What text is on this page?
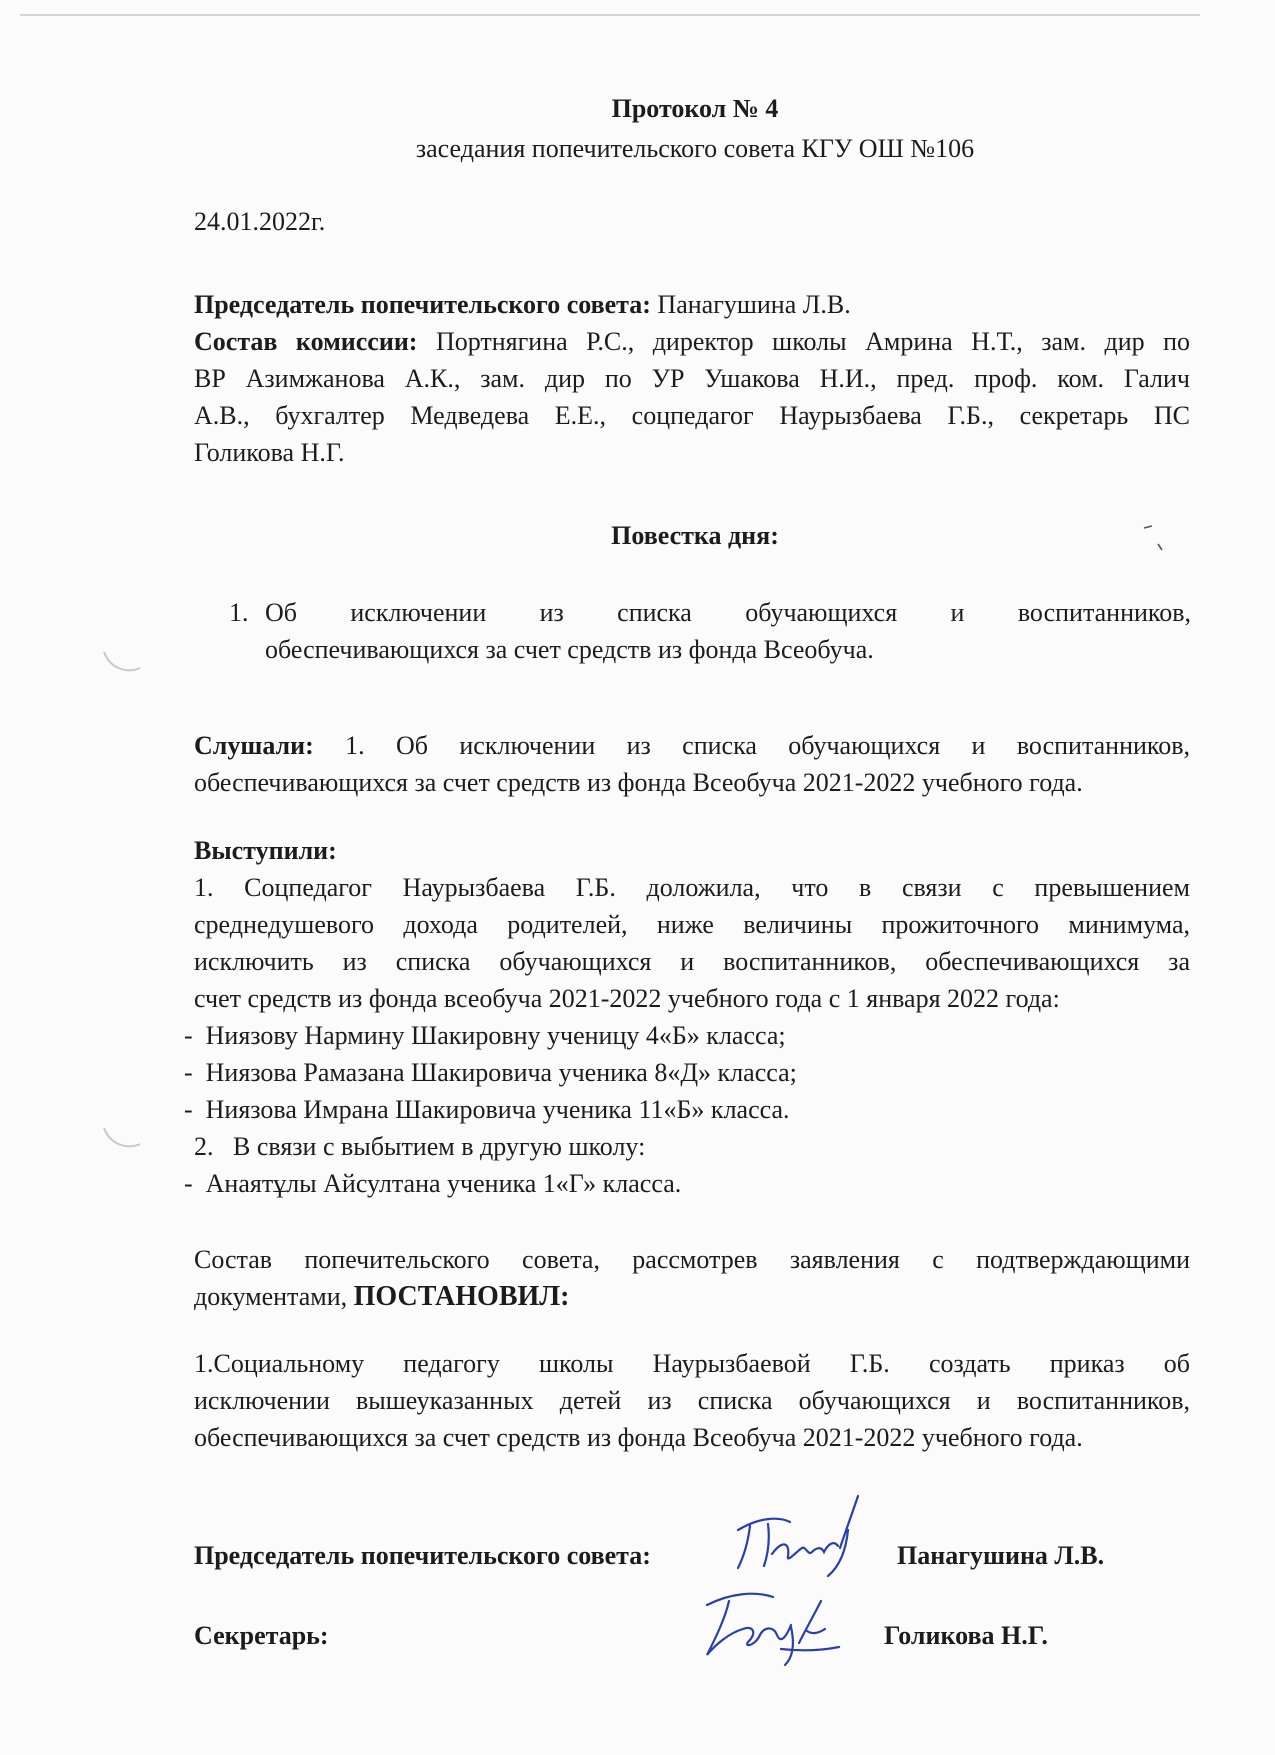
Протокол № 4

заседания попечительского совета КГУ ОШ №106

24.01.2022г.

Председатель попечительского совета: Панагушина Л.В.

Состав комиссии: Портнягина Р.С., директор школы Амрина Н.Т., зам. дир по

ВР Азимжанова А.К., зам. дир по УР Ушакова Н.И., пред. проф. ком. Галич

А.В., бухгалтер Медведева Е.Е., соцпедагог Наурызбаева Г.Б., секретарь ПС

Голикова Н.Г.

Повестка дня:

1. Об исключении из списка обучающихся и воспитанников,

обеспечивающихся за счет средств из фонда Всеобуча.

Слушали: 1. Об исключении из списка обучающихся и воспитанников,

обеспечивающихся за счет средств из фонда Всеобуча 2021-2022 учебного года.

Выступили:

1. Соцпедагог Наурызбаева Г.Б. доложила, что в связи с превышением

среднедушевого дохода родителей, ниже величины прожиточного минимума,

исключить из списка обучающихся и воспитанников, обеспечивающихся за

счет средств из фонда всеобуча 2021-2022 учебного года с 1 января 2022 года:

-  Ниязову Нармину Шакировну ученицу 4«Б» класса;

-  Ниязова Рамазана Шакировича ученика 8«Д» класса;

-  Ниязова Имрана Шакировича ученика 11«Б» класса.

2.   В связи с выбытием в другую школу:

-  Анаятұлы Айсултана ученика 1«Г» класса.

Состав попечительского совета, рассмотрев заявления с подтверждающими

документами, ПОСТАНОВИЛ:

1.Социальному педагогу школы Наурызбаевой Г.Б. создать приказ об

исключении вышеуказанных детей из списка обучающихся и воспитанников,

обеспечивающихся за счет средств из фонда Всеобуча 2021-2022 учебного года.

Председатель попечительского совета:	Панагушина Л.В.

Секретарь:	Голикова Н.Г.
